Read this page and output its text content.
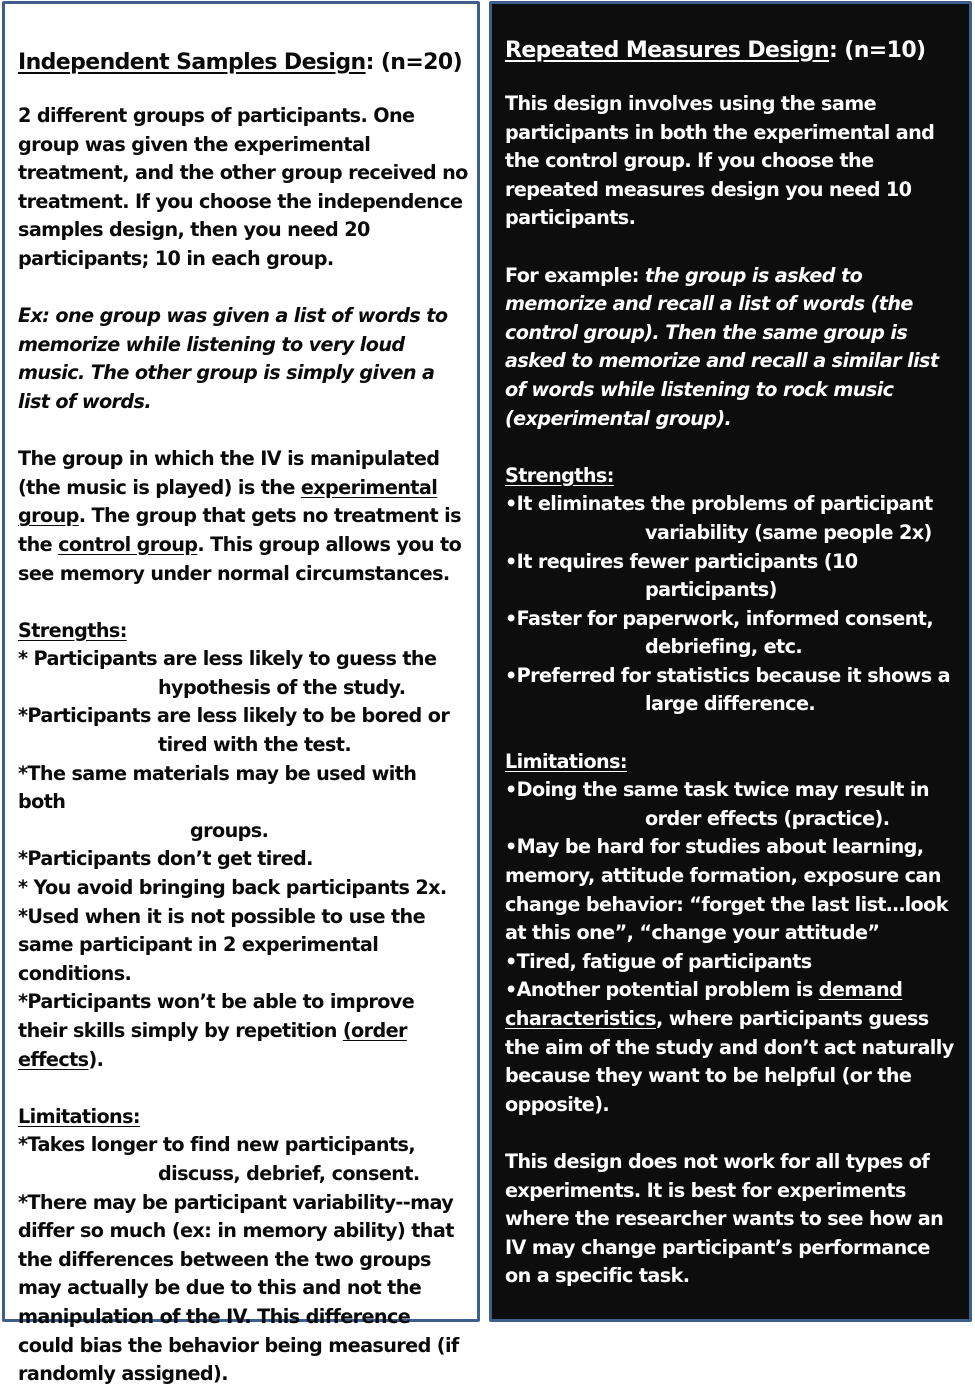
Independent Samples Design: (n=20)

2 different groups of participants. One group was given the experimental treatment, and the other group received no treatment. If you choose the independence samples design, then you need 20 participants; 10 in each group.

Ex: one group was given a list of words to memorize while listening to very loud music. The other group is simply given a list of words.

The group in which the IV is manipulated (the music is played) is the experimental group. The group that gets no treatment is the control group. This group allows you to see memory under normal circumstances.

Strengths:
* Participants are less likely to guess the
hypothesis of the study.
*Participants are less likely to be bored or
tired with the test.
*The same materials may be used with both
groups.
*Participants don’t get tired.
* You avoid bringing back participants 2x.
*Used when it is not possible to use the same participant in 2 experimental conditions.

*Participants won’t be able to improve their skills simply by repetition (order effects).

Limitations:
*Takes longer to find new participants,
discuss, debrief, consent.
*There may be participant variability--may differ so much (ex: in memory ability) that the differences between the two groups may actually be due to this and not the manipulation of the IV. This difference could bias the behavior being measured (if randomly assigned).
Repeated Measures Design: (n=10)

This design involves using the same participants in both the experimental and the control group. If you choose the repeated measures design you need 10 participants.

For example: the group is asked to memorize and recall a list of words (the control group). Then the same group is asked to memorize and recall a similar list of words while listening to rock music (experimental group).

Strengths:
•It eliminates the problems of participant
variability (same people 2x)
•It requires fewer participants (10
participants)
•Faster for paperwork, informed consent,
debriefing, etc.
•Preferred for statistics because it shows a
large difference.
Limitations:
•Doing the same task twice may result in
order effects (practice).
•May be hard for studies about learning, memory, attitude formation, exposure can change behavior: “forget the last list…look at this one”, “change your attitude”
•Tired, fatigue of participants
•Another potential problem is demand characteristics, where participants guess the aim of the study and don’t act naturally because they want to be helpful (or the opposite).

This design does not work for all types of experiments. It is best for experiments where the researcher wants to see how an IV may change participant’s performance on a specific task.
